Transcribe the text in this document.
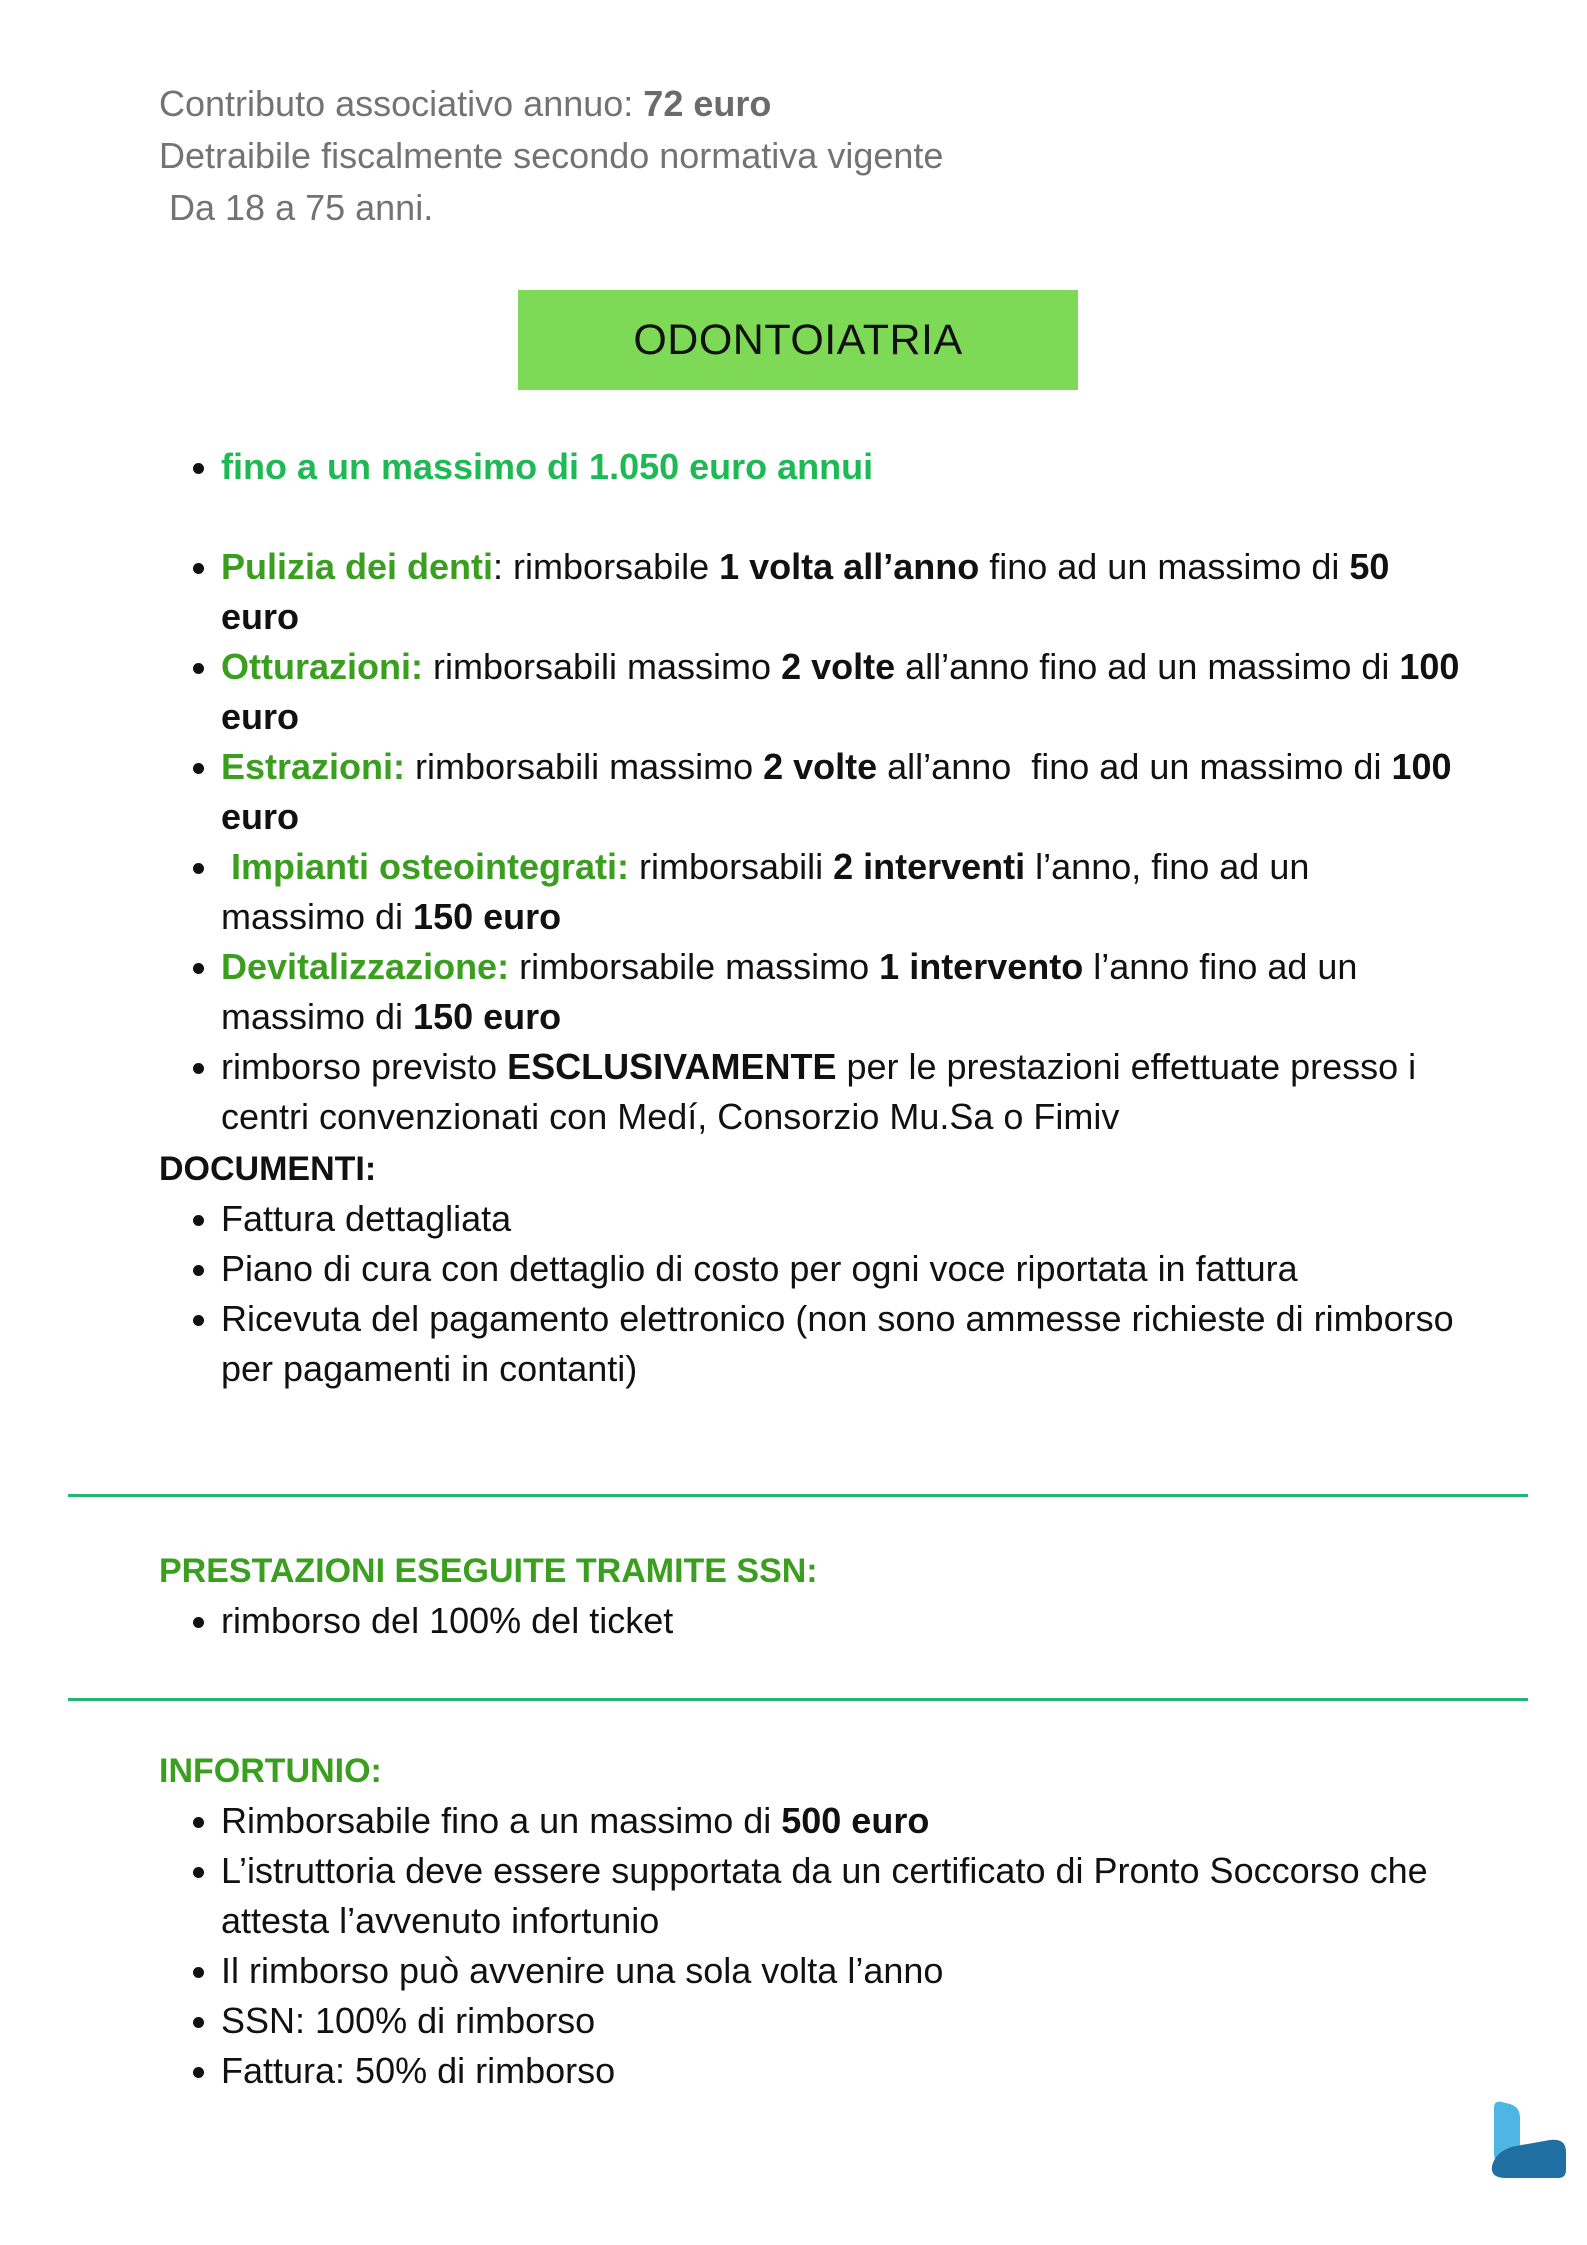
Contributo associativo annuo: 72 euro
Detraibile fiscalmente secondo normativa vigente
Da 18 a 75 anni.
ODONTOIATRIA
fino a un massimo di 1.050 euro annui
Pulizia dei denti: rimborsabile 1 volta all’anno fino ad un massimo di 50 euro
Otturazioni: rimborsabili massimo 2 volte all’anno fino ad un massimo di 100 euro
Estrazioni: rimborsabili massimo 2 volte all’anno  fino ad un massimo di 100 euro
Impianti osteointegrati: rimborsabili 2 interventi l’anno, fino ad un massimo di 150 euro
Devitalizzazione: rimborsabile massimo 1 intervento l’anno fino ad un massimo di 150 euro
rimborso previsto ESCLUSIVAMENTE per le prestazioni effettuate presso i centri convenzionati con Medí, Consorzio Mu.Sa o Fimiv
DOCUMENTI:
Fattura dettagliata
Piano di cura con dettaglio di costo per ogni voce riportata in fattura
Ricevuta del pagamento elettronico (non sono ammesse richieste di rimborso per pagamenti in contanti)
PRESTAZIONI ESEGUITE TRAMITE SSN:
rimborso del 100% del ticket
INFORTUNIO:
Rimborsabile fino a un massimo di 500 euro
L’istruttoria deve essere supportata da un certificato di Pronto Soccorso che attesta l’avvenuto infortunio
Il rimborso può avvenire una sola volta l’anno
SSN: 100% di rimborso
Fattura: 50% di rimborso
